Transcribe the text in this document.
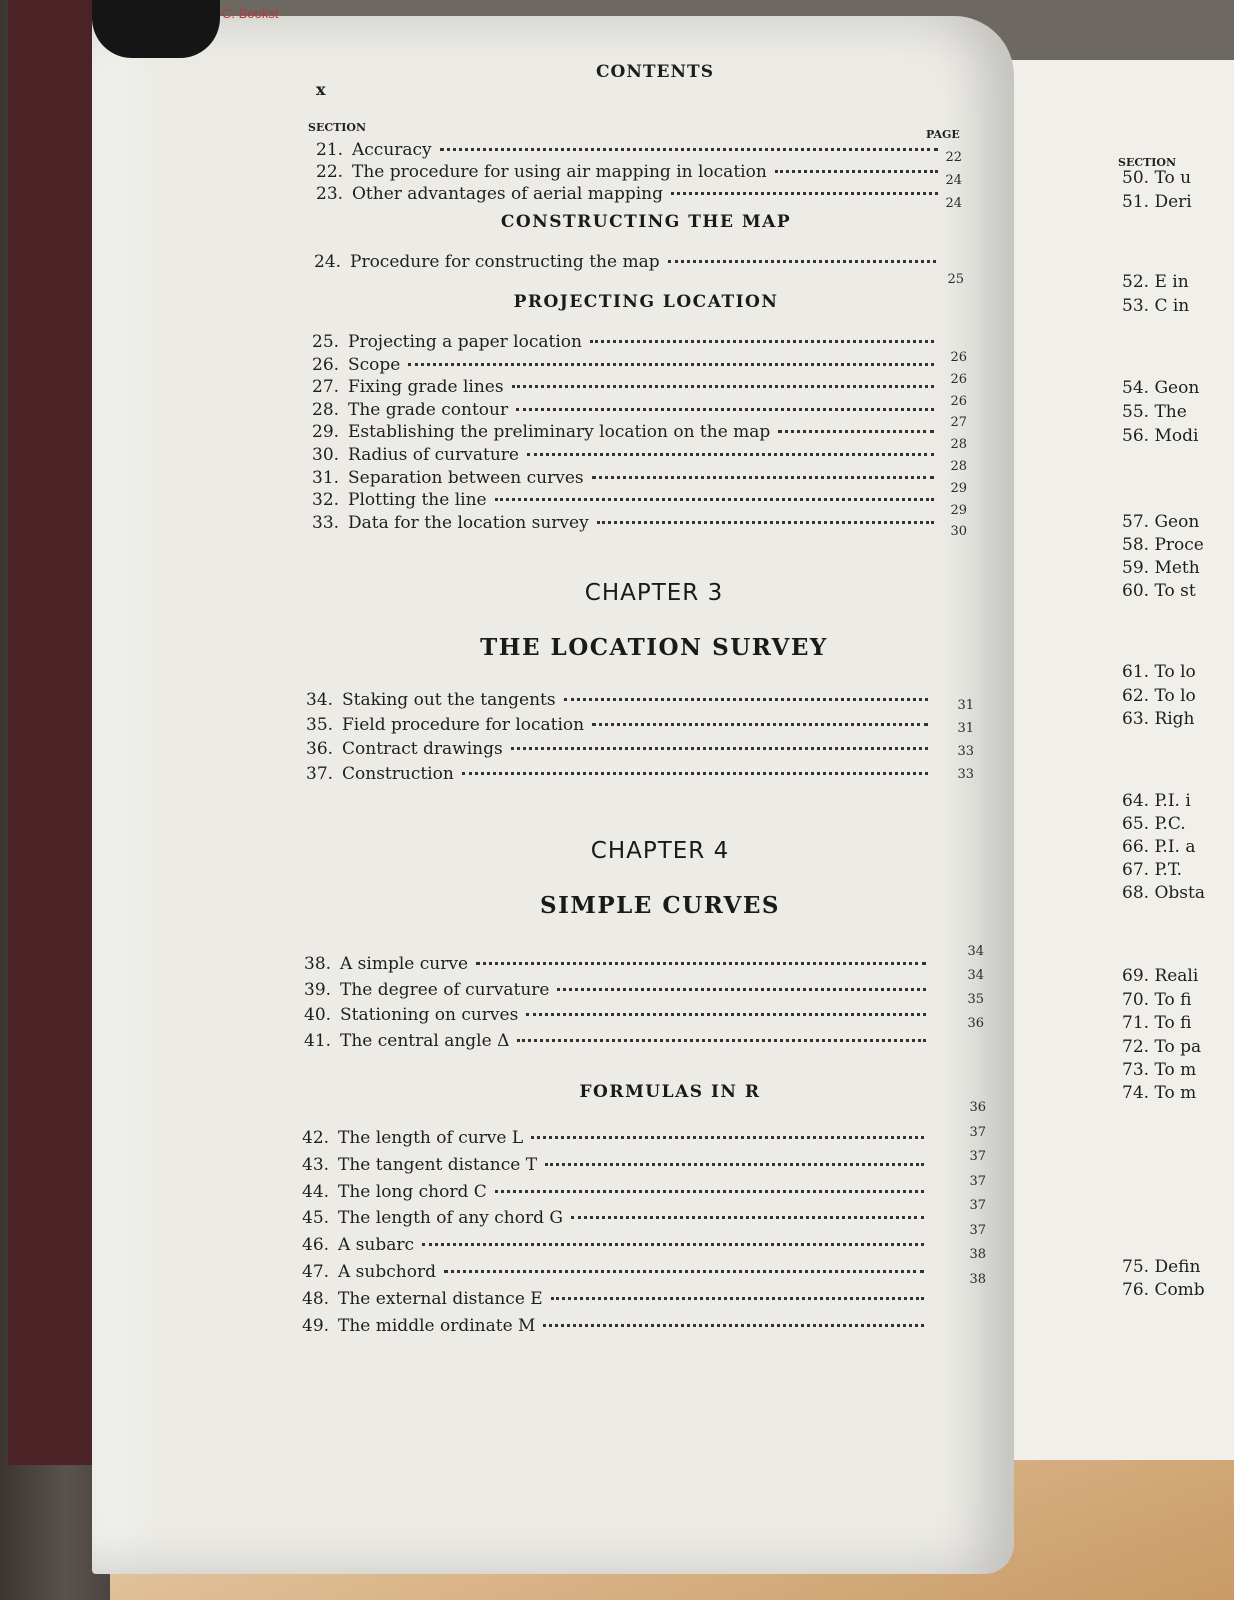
C. Bookst
x
CONTENTS
SECTION
PAGE
21. Accuracy
22. The procedure for using air mapping in location
23. Other advantages of aerial mapping
22
24
24
CONSTRUCTING THE MAP
24. Procedure for constructing the map
25
PROJECTING LOCATION
25. Projecting a paper location
26. Scope
27. Fixing grade lines
28. The grade contour
29. Establishing the preliminary location on the map
30. Radius of curvature
31. Separation between curves
32. Plotting the line
33. Data for the location survey
26
26
26
27
28
28
29
29
30
CHAPTER 3
THE LOCATION SURVEY
34. Staking out the tangents
35. Field procedure for location
36. Contract drawings
37. Construction
31
31
33
33
CHAPTER 4
SIMPLE CURVES
38. A simple curve
39. The degree of curvature
40. Stationing on curves
41. The central angle Δ
34
34
35
36
FORMULAS IN R
42. The length of curve L
43. The tangent distance T
44. The long chord C
45. The length of any chord G
46. A subarc
47. A subchord
48. The external distance E
49. The middle ordinate M
36
37
37
37
37
37
38
38
SECTION
50. To u
51. Deri
52. E in
53. C in
54. Geon
55. The
56. Modi
57. Geon
58. Proce
59. Meth
60. To st
61. To lo
62. To lo
63. Righ
64. P.I. i
65. P.C.
66. P.I. a
67. P.T.
68. Obsta
69. Reali
70. To fi
71. To fi
72. To pa
73. To m
74. To m
75. Defin
76. Comb
